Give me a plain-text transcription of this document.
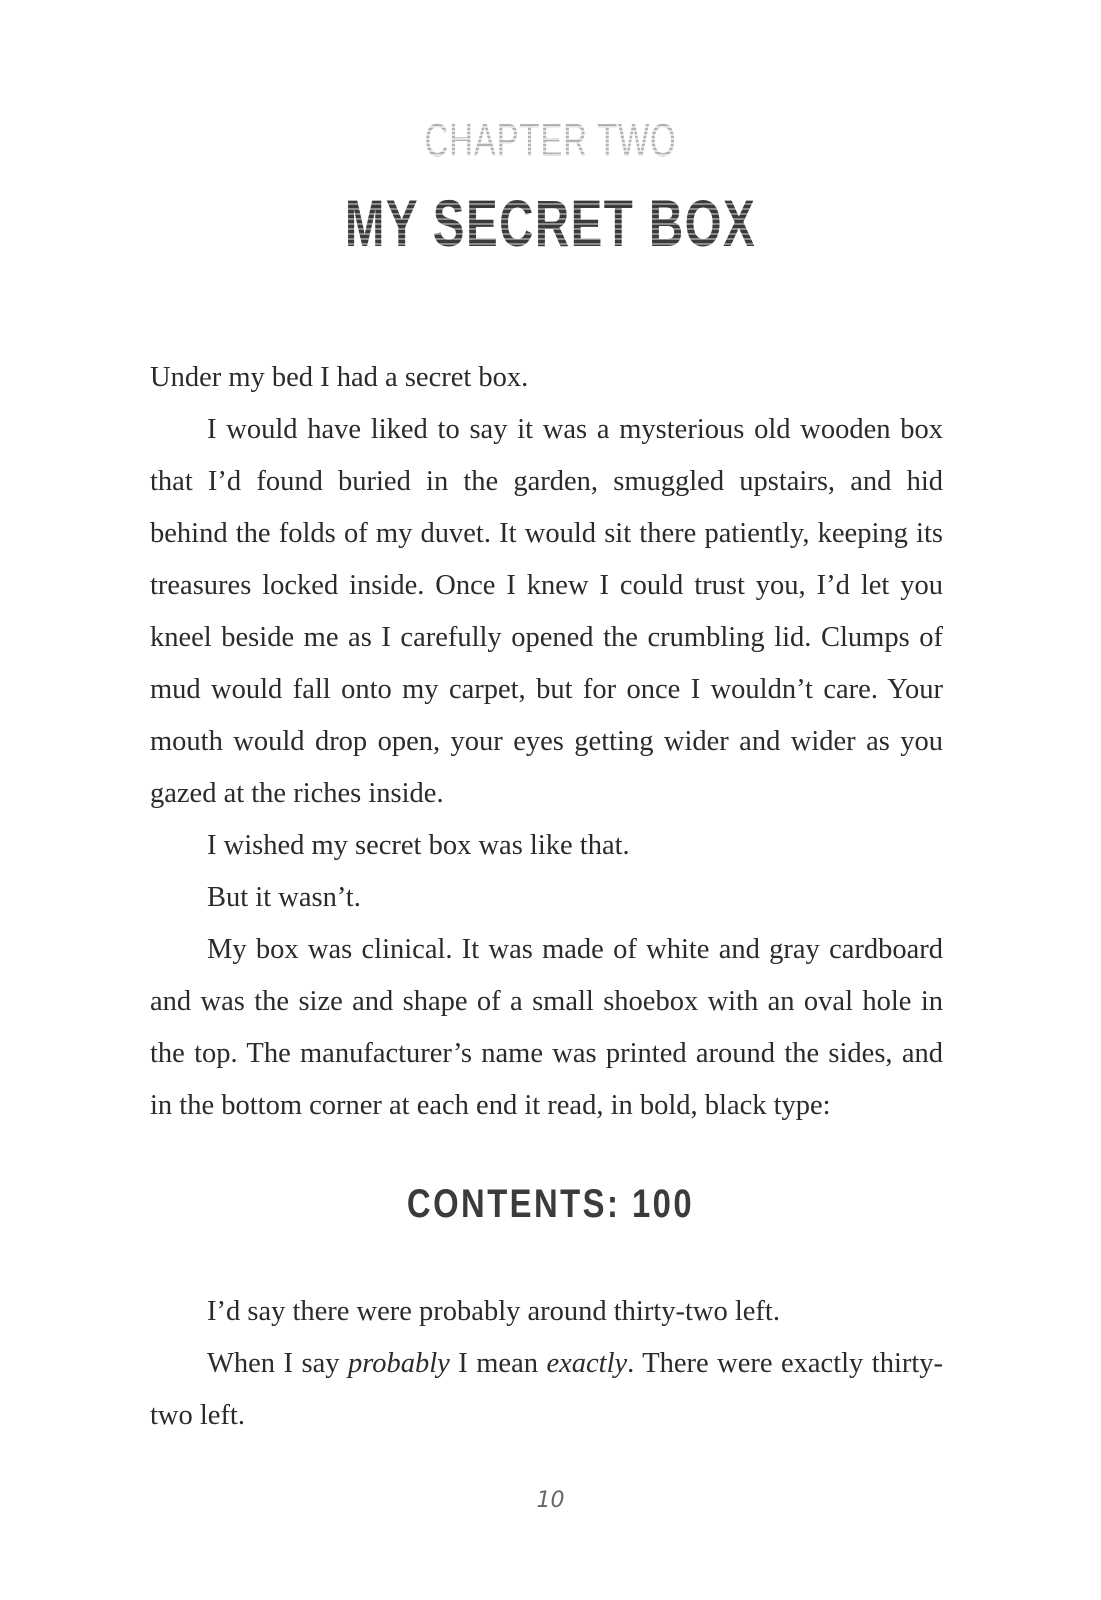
CHAPTER TWO
MY SECRET BOX

Under my bed I had a secret box.

I would have liked to say it was a mysterious old wooden box that I’d found buried in the garden, smuggled upstairs, and hid behind the folds of my duvet. It would sit there patiently, keeping its treasures locked inside. Once I knew I could trust you, I’d let you kneel beside me as I carefully opened the crumbling lid. Clumps of mud would fall onto my carpet, but for once I wouldn’t care. Your mouth would drop open, your eyes getting wider and wider as you gazed at the riches inside.

I wished my secret box was like that.

But it wasn’t.

My box was clinical. It was made of white and gray cardboard and was the size and shape of a small shoebox with an oval hole in the top. The manufacturer’s name was printed around the sides, and in the bottom corner at each end it read, in bold, black type:

CONTENTS: 100

I’d say there were probably around thirty-two left.

When I say probably I mean exactly. There were exactly thirty-two left.

10
